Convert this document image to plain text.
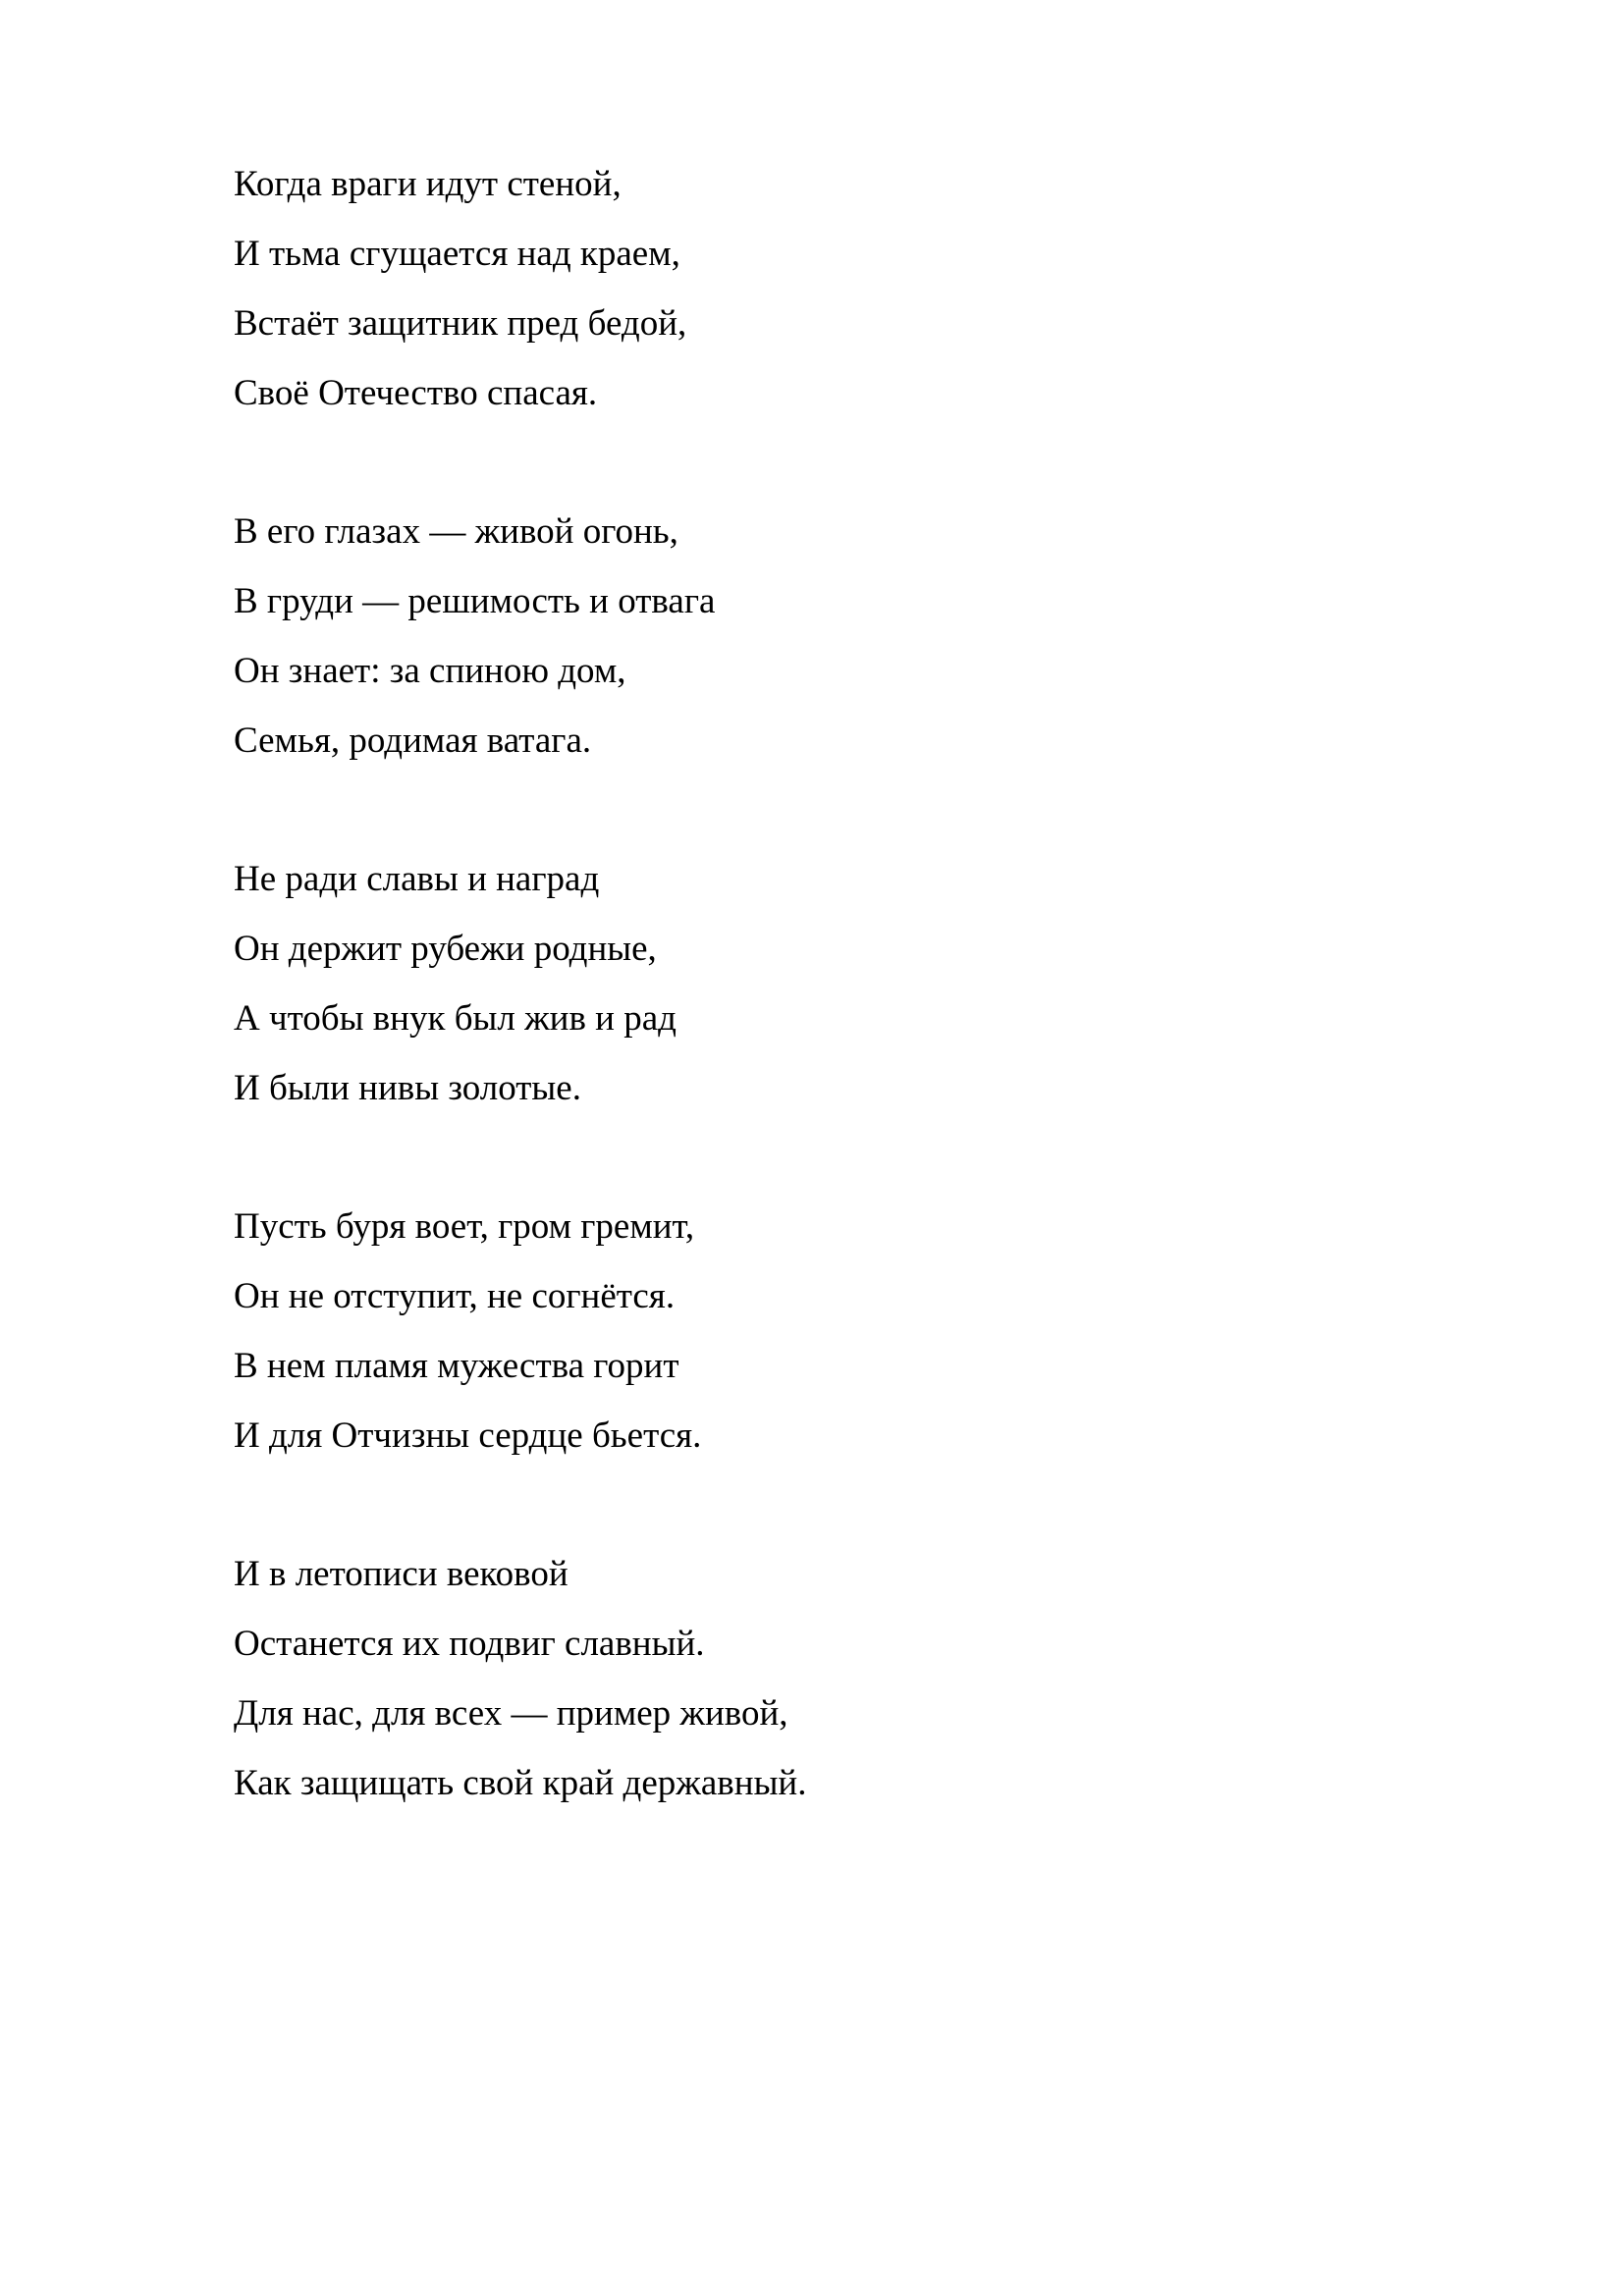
Когда враги идут стеной,
И тьма сгущается над краем,
Встаёт защитник пред бедой,
Своё Отечество спасая.
В его глазах — живой огонь,
В груди — решимость и отвага
Он знает: за спиною дом,
Семья, родимая ватага.
Не ради славы и наград
Он держит рубежи родные,
А чтобы внук был жив и рад
И были нивы золотые.
Пусть буря воет, гром гремит,
Он не отступит, не согнётся.
В нем пламя мужества горит
И для Отчизны сердце бьется.
И в летописи вековой
Останется их подвиг славный.
Для нас, для всех — пример живой,
Как защищать свой край державный.
